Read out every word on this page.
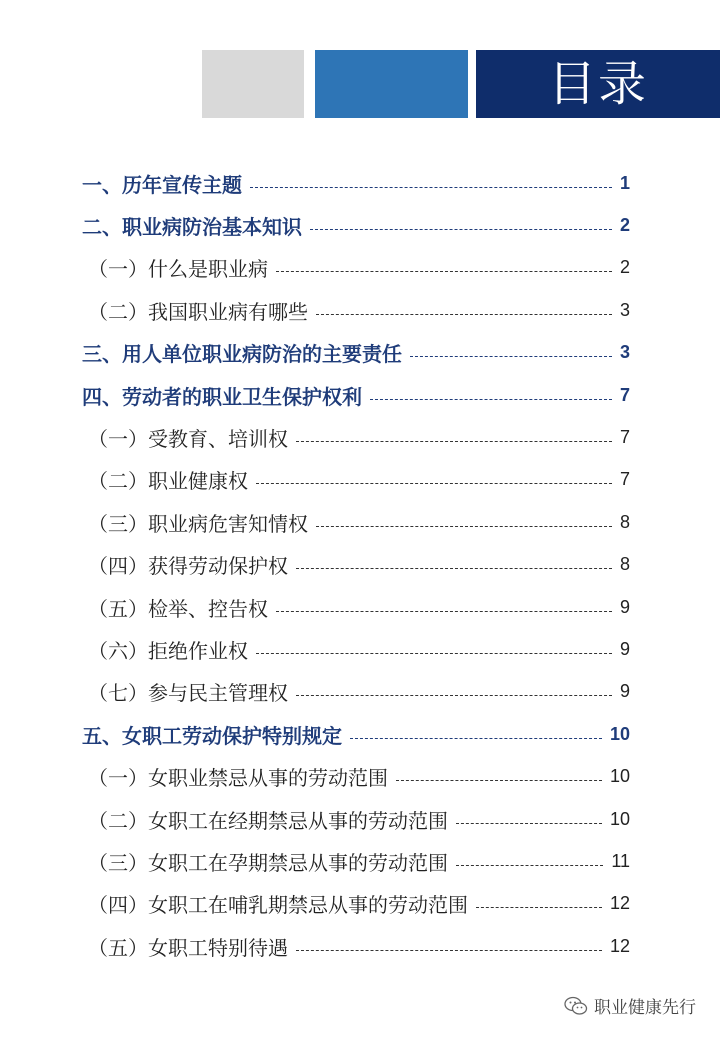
目录
一、历年宣传主题	1
二、职业病防治基本知识	2
（一）什么是职业病	2
（二）我国职业病有哪些	3
三、用人单位职业病防治的主要责任	3
四、劳动者的职业卫生保护权利	7
（一）受教育、培训权	7
（二）职业健康权	7
（三）职业病危害知情权	8
（四）获得劳动保护权	8
（五）检举、控告权	9
（六）拒绝作业权	9
（七）参与民主管理权	9
五、女职工劳动保护特别规定	10
（一）女职业禁忌从事的劳动范围	10
（二）女职工在经期禁忌从事的劳动范围	10
（三）女职工在孕期禁忌从事的劳动范围	11
（四）女职工在哺乳期禁忌从事的劳动范围	12
（五）女职工特别待遇	12
职业健康先行
